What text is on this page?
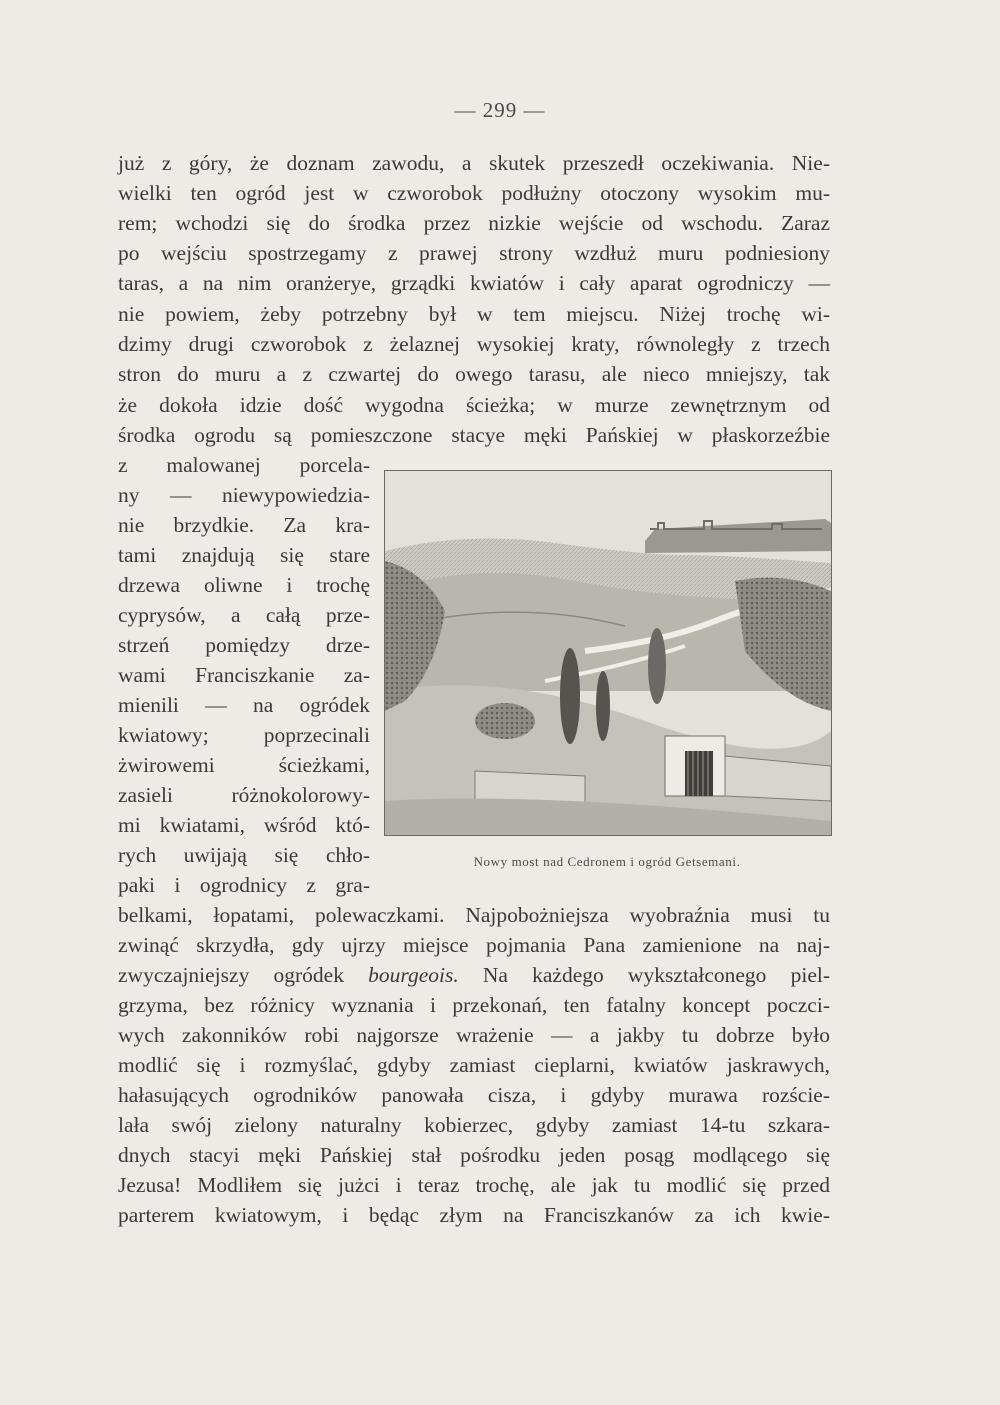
— 299 —
już z góry, że doznam zawodu, a skutek przeszedł oczekiwania. Nie-
wielki ten ogród jest w czworobok podłużny otoczony wysokim mu-
rem; wchodzi się do środka przez nizkie wejście od wschodu. Zaraz
po wejściu spostrzegamy z prawej strony wzdłuż muru podniesiony
taras, a na nim oranżerye, grządki kwiatów i cały aparat ogrodniczy —
nie powiem, żeby potrzebny był w tem miejscu. Niżej trochę wi-
dzimy drugi czworobok z żelaznej wysokiej kraty, równoległy z trzech
stron do muru a z czwartej do owego tarasu, ale nieco mniejszy, tak
że dokoła idzie dość wygodna ścieżka; w murze zewnętrznym od
środka ogrodu są pomieszczone stacye męki Pańskiej w płaskorzeźbie
z malowanej porcela-
ny — niewypowiedzia-
nie brzydkie. Za kra-
tami znajdują się stare
drzewa oliwne i trochę
cyprysów, a całą prze-
strzeń pomiędzy drze-
wami Franciszkanie za-
mienili — na ogródek
kwiatowy; poprzecinali
żwirowemi ścieżkami,
zasieli różnokolorowy-
mi kwiatami, wśród któ-
rych uwijają się chło-
paki i ogrodnicy z gra-
Nowy most nad Cedronem i ogród Getsemani.
belkami, łopatami, polewaczkami. Najpobożniejsza wyobraźnia musi tu
zwinąć skrzydła, gdy ujrzy miejsce pojmania Pana zamienione na naj-
zwyczajniejszy ogródek bourgeois. Na każdego wykształconego piel-
grzyma, bez różnicy wyznania i przekonań, ten fatalny koncept poczci-
wych zakonników robi najgorsze wrażenie — a jakby tu dobrze było
modlić się i rozmyślać, gdyby zamiast cieplarni, kwiatów jaskrawych,
hałasujących ogrodników panowała cisza, i gdyby murawa rozście-
lała swój zielony naturalny kobierzec, gdyby zamiast 14-tu szkara-
dnych stacyi męki Pańskiej stał pośrodku jeden posąg modlącego się
Jezusa! Modliłem się jużci i teraz trochę, ale jak tu modlić się przed
parterem kwiatowym, i będąc złym na Franciszkanów za ich kwie-
